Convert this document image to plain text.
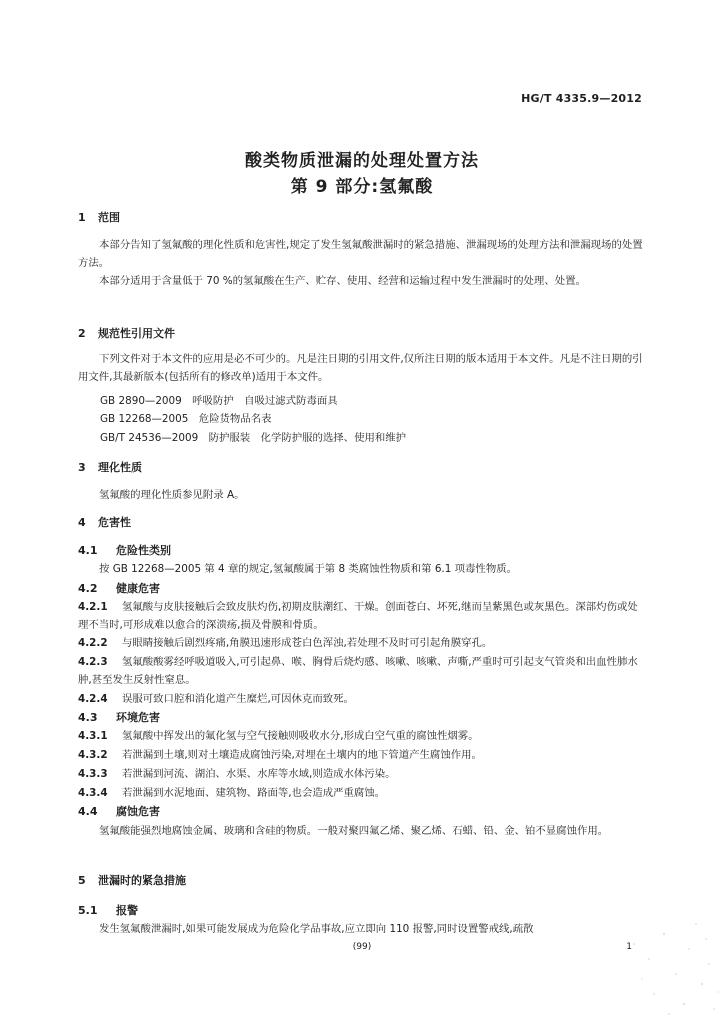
HG/T 4335.9—2012
酸类物质泄漏的处理处置方法
第 9 部分:氢氟酸
1 范围

本部分告知了氢氟酸的理化性质和危害性,规定了发生氢氟酸泄漏时的紧急措施、泄漏现场的处理方法和泄漏现场的处置方法。

本部分适用于含量低于 70 %的氢氟酸在生产、贮存、使用、经营和运输过程中发生泄漏时的处理、处置。

2 规范性引用文件

下列文件对于本文件的应用是必不可少的。凡是注日期的引用文件,仅所注日期的版本适用于本文件。凡是不注日期的引用文件,其最新版本(包括所有的修改单)适用于本文件。

GB 2890—2009　呼吸防护　自吸过滤式防毒面具
GB 12268—2005　危险货物品名表
GB/T 24536—2009　防护服装　化学防护服的选择、使用和维护
3 理化性质

氢氟酸的理化性质参见附录 A。

4 危害性
4.1 危险性类别

按 GB 12268—2005 第 4 章的规定,氢氟酸属于第 8 类腐蚀性物质和第 6.1 项毒性物质。

4.2 健康危害
4.2.1 氢氟酸与皮肤接触后会致皮肤灼伤,初期皮肤潮红、干燥。创面苍白、坏死,继而呈紫黑色或灰黑色。深部灼伤或处理不当时,可形成难以愈合的深溃疡,损及骨膜和骨质。
4.2.2 与眼睛接触后剧烈疼痛,角膜迅速形成苍白色浑浊,若处理不及时可引起角膜穿孔。
4.2.3 氢氟酸酸雾经呼吸道吸入,可引起鼻、喉、胸骨后烧灼感、咳嗽、咳嗽、声嘶,严重时可引起支气管炎和出血性肺水肿,甚至发生反射性窒息。
4.2.4 误服可致口腔和消化道产生糜烂,可因休克而致死。
4.3 环境危害
4.3.1 氢氟酸中挥发出的氟化氢与空气接触则吸收水分,形成白空气重的腐蚀性烟雾。
4.3.2 若泄漏到土壤,则对土壤造成腐蚀污染,对埋在土壤内的地下管道产生腐蚀作用。
4.3.3 若泄漏到河流、湖泊、水渠、水库等水域,则造成水体污染。
4.3.4 若泄漏到水泥地面、建筑物、路面等,也会造成严重腐蚀。
4.4 腐蚀危害

氢氟酸能强烈地腐蚀金属、玻璃和含硅的物质。一般对聚四氟乙烯、聚乙烯、石蜡、铅、金、铂不显腐蚀作用。

5 泄漏时的紧急措施
5.1 报警

发生氢氟酸泄漏时,如果可能发展成为危险化学品事故,应立即向 110 报警,同时设置警戒线,疏散

(99)	1
